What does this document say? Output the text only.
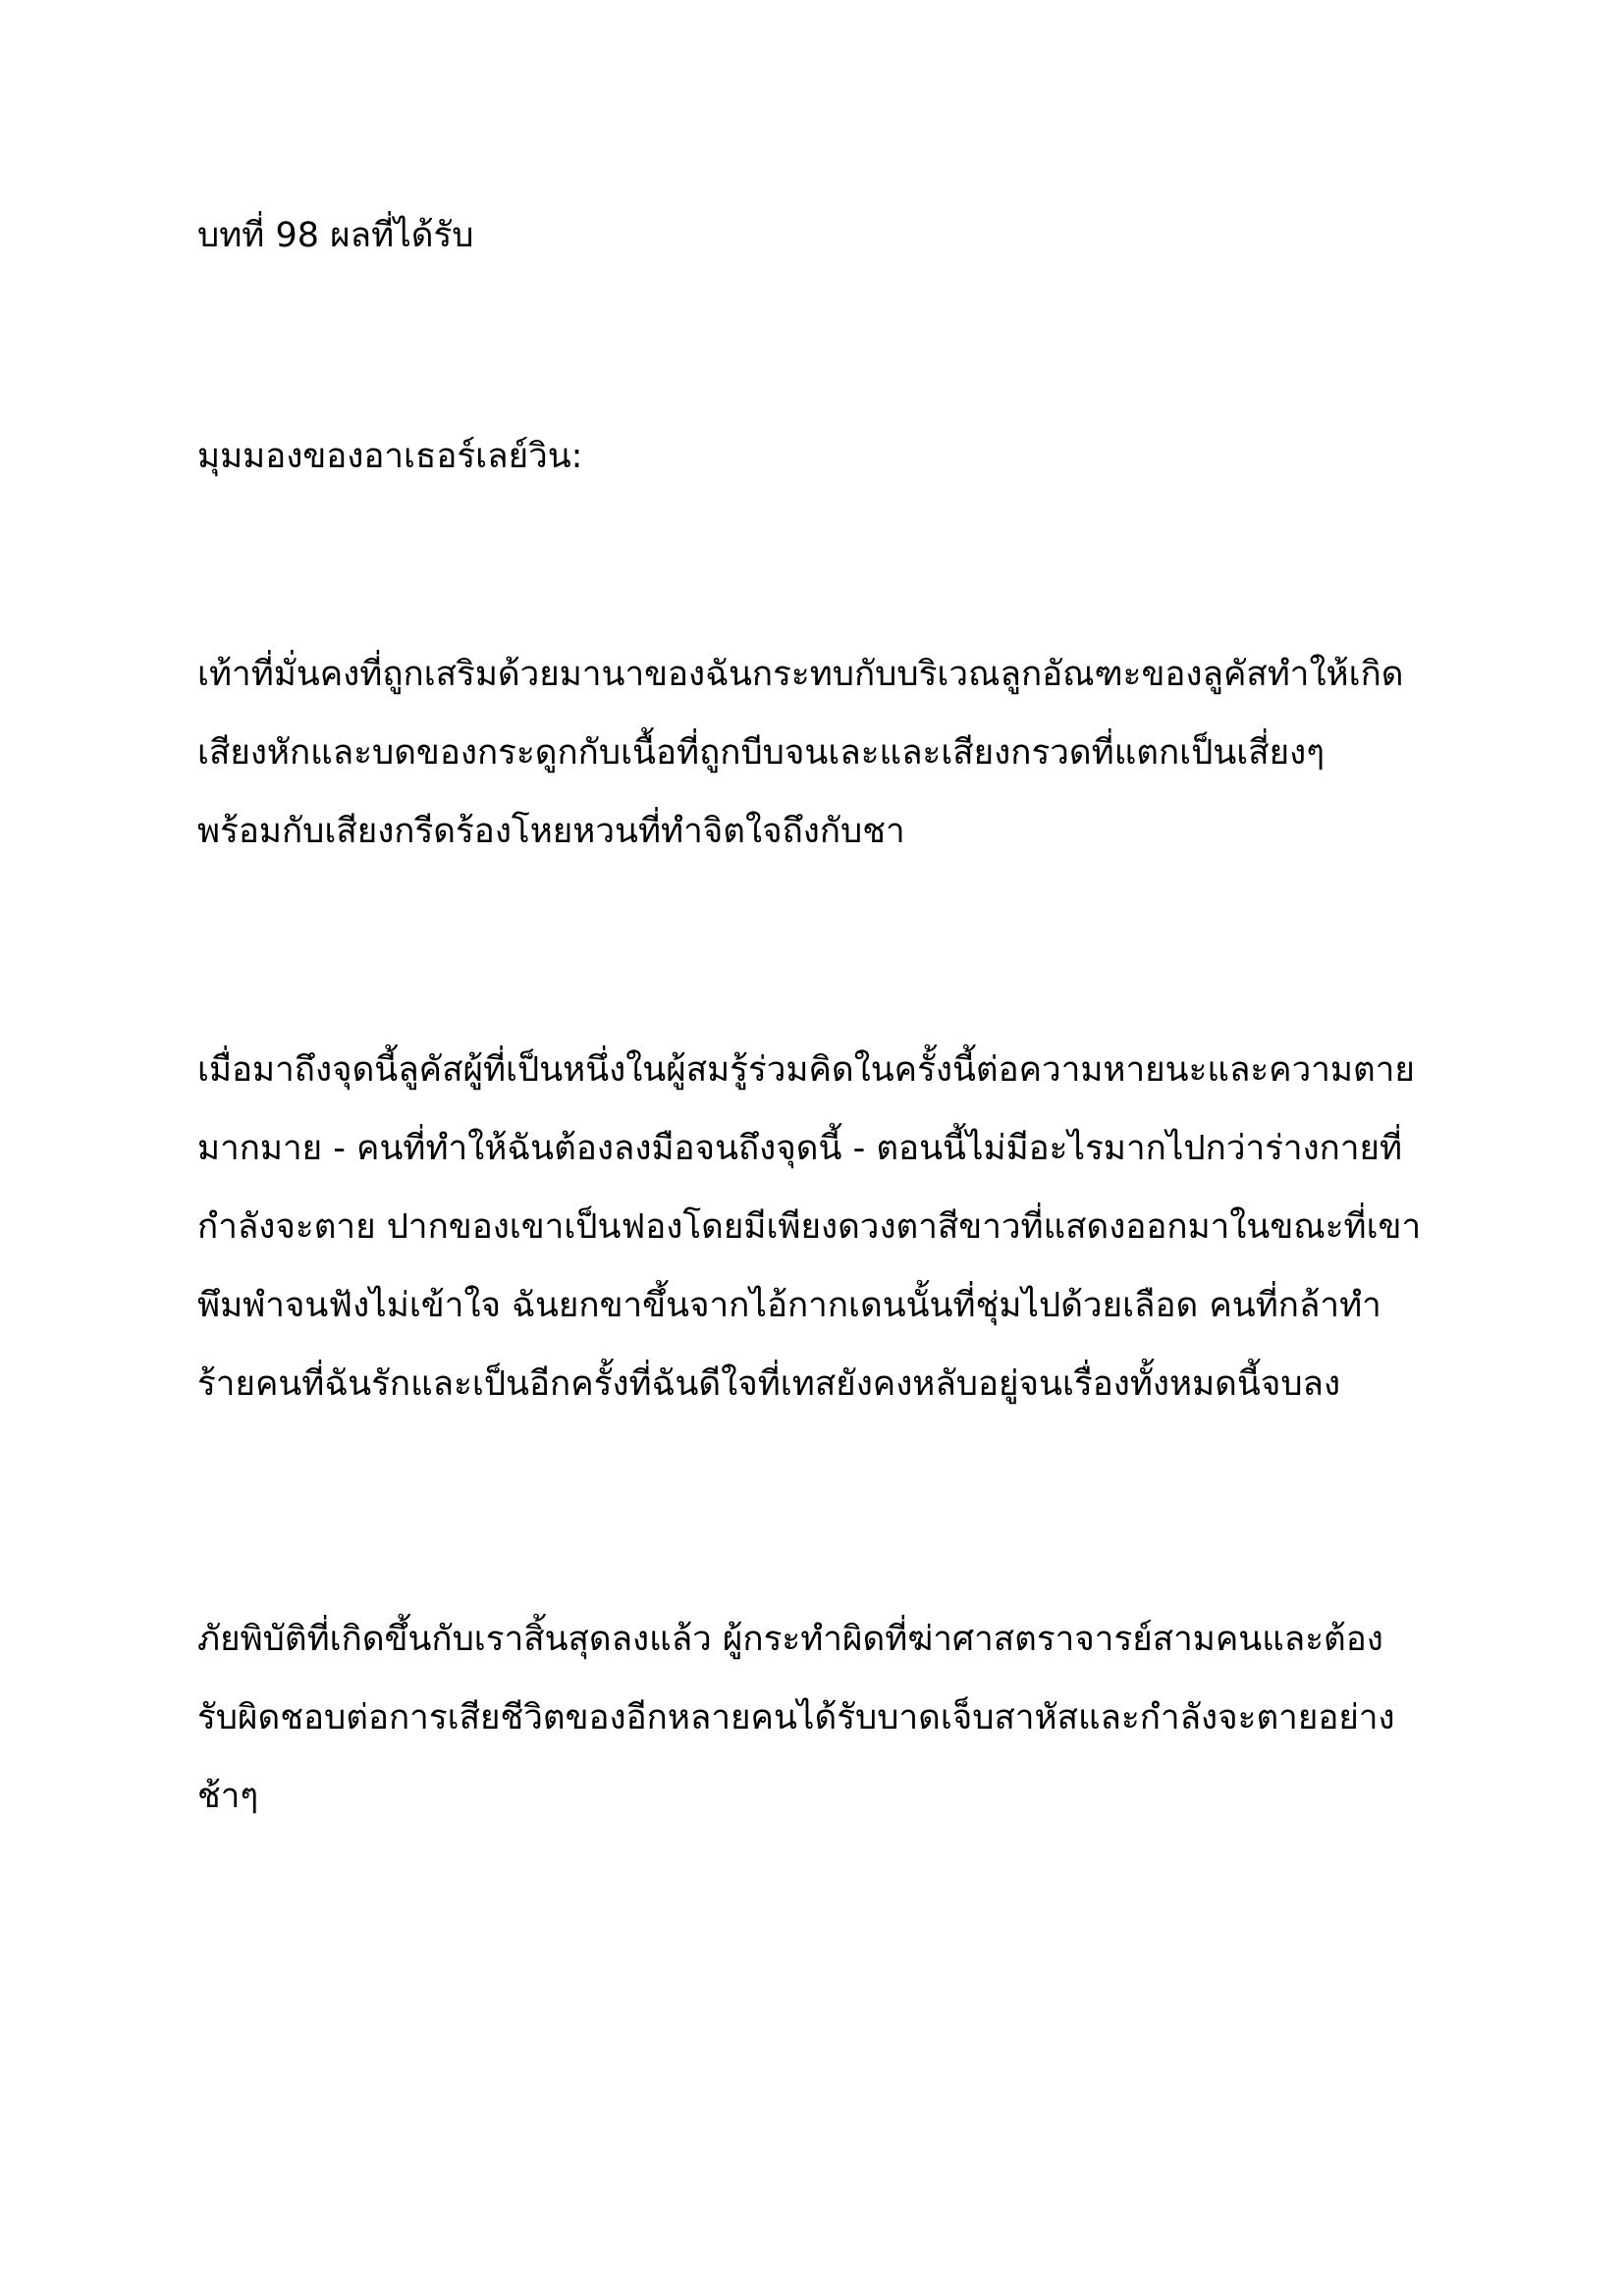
บทที่ 98 ผลที่ได้รับ
มุมมองของอาเธอร์เลย์วิน:
เท้าที่มั่นคงที่ถูกเสริมด้วยมานาของฉันกระทบกับบริเวณลูกอัณฑะของลูคัสทำให้เกิด
เสียงหักและบดของกระดูกกับเนื้อที่ถูกบีบจนเละและเสียงกรวดที่แตกเป็นเสี่ยงๆ
พร้อมกับเสียงกรีดร้องโหยหวนที่ทำจิตใจถึงกับชา
เมื่อมาถึงจุดนี้ลูคัสผู้ที่เป็นหนึ่งในผู้สมรู้ร่วมคิดในครั้งนี้ต่อความหายนะและความตาย
มากมาย - คนที่ทำให้ฉันต้องลงมือจนถึงจุดนี้ - ตอนนี้ไม่มีอะไรมากไปกว่าร่างกายที่
กำลังจะตาย ปากของเขาเป็นฟองโดยมีเพียงดวงตาสีขาวที่แสดงออกมาในขณะที่เขา
พึมพำจนฟังไม่เข้าใจ ฉันยกขาขึ้นจากไอ้กากเดนนั้นที่ชุ่มไปด้วยเลือด คนที่กล้าทำ
ร้ายคนที่ฉันรักและเป็นอีกครั้งที่ฉันดีใจที่เทสยังคงหลับอยู่จนเรื่องทั้งหมดนี้จบลง
ภัยพิบัติที่เกิดขึ้นกับเราสิ้นสุดลงแล้ว ผู้กระทำผิดที่ฆ่าศาสตราจารย์สามคนและต้อง
รับผิดชอบต่อการเสียชีวิตของอีกหลายคนได้รับบาดเจ็บสาหัสและกำลังจะตายอย่าง
ช้าๆ
